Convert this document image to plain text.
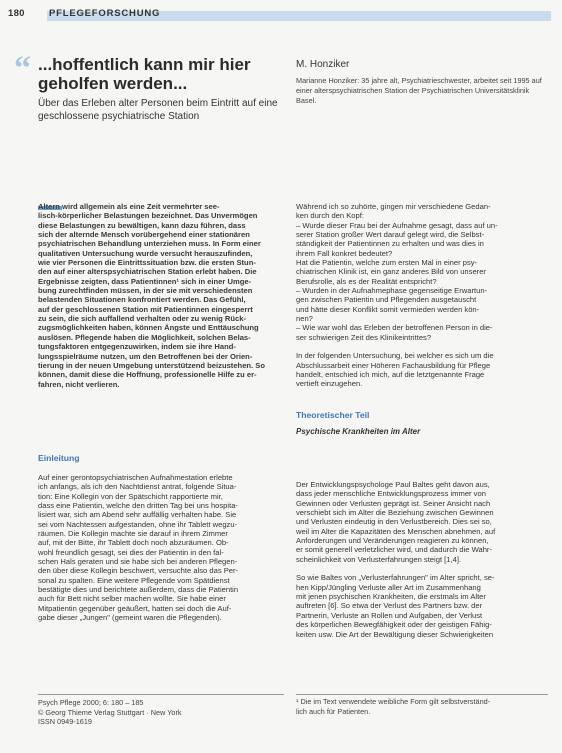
180	PFLEGEFORSCHUNG
“ ...hoffentlich kann mir hier geholfen werden...
Über das Erleben alter Personen beim Eintritt auf eine geschlossene psychiatrische Station
M. Honziker
Marianne Honziker: 35 jahre alt, Psychiatrieschwester, arbeitet seit 1995 auf einer alterspsychiatrischen Station der Psychiatrischen Universitätsklinik Basel.
Altern wird allgemein als eine Zeit vermehrter see-
lisch-körperlicher Belastungen bezeichnet. Das Unvermögen
diese Belastungen zu bewältigen, kann dazu führen, dass
sich der alternde Mensch vorübergehend einer stationären
psychiatrischen Behandlung unterziehen muss. In Form einer
qualitativen Untersuchung wurde versucht herauszufinden,
wie vier Personen die Eintrittssituation bzw. die ersten Stun-
den auf einer alterspsychiatrischen Station erlebt haben. Die
Ergebnisse zeigten, dass Patientinnen¹ sich in einer Umge-
bung zurechtfinden müssen, in der sie mit verschiedensten
belastenden Situationen konfrontiert werden. Das Gefühl,
auf der geschlossenen Station mit Patientinnen eingesperrt
zu sein, die sich auffallend verhalten oder zu wenig Rück-
zugsmöglichkeiten haben, können Ängste und Enttäuschung
auslösen. Pflegende haben die Möglichkeit, solchen Belas-
tungsfaktoren entgegenzuwirken, indem sie ihre Hand-
lungsspielräume nutzen, um den Betroffenen bei der Orien-
tierung in der neuen Umgebung unterstützend beizustehen. So
können, damit diese die Hoffnung, professionelle Hilfe zu er-
fahren, nicht verlieren.
Während ich so zuhörte, gingen mir verschiedene Gedan-
ken durch den Kopf:
– Wurde dieser Frau bei der Aufnahme gesagt, dass auf un-
serer Station großer Wert darauf gelegt wird, die Selbst-
ständigkeit der Patientinnen zu erhalten und was dies in
ihrem Fall konkret bedeutet?
Hat die Patientin, welche zum ersten Mal in einer psy-
chiatrischen Klinik ist, ein ganz anderes Bild von unserer
Berufsrolle, als es der Realität entspricht?
– Wurden in der Aufnahmephase gegenseitige Erwartun-
gen zwischen Patientin und Pflegenden ausgetauscht
und hätte dieser Konflikt somit vermieden werden kön-
nen?
– Wie war wohl das Erleben der betroffenen Person in die-
ser schwierigen Zeit des Klinikeintrittes?
In der folgenden Untersuchung, bei welcher es sich um die
Abschlussarbeit einer Höheren Fachausbildung für Pflege
handelt, entschied ich mich, auf die letztgenannte Frage
vertieft einzugehen.
Theoretischer Teil
Psychische Krankheiten im Alter
Einleitung
Auf einer gerontopsychiatrischen Aufnahmestation erlebte
ich anfangs, als ich den Nachtdienst antrat, folgende Situa-
tion: Eine Kollegin von der Spätschicht rapportierte mir,
dass eine Patientin, welche den dritten Tag bei uns hospita-
lisiert war, sich am Abend sehr auffällig verhalten habe. Sie
sei vom Nachtessen aufgestanden, ohne ihr Tablett wegzu-
räumen. Die Kollegin machte sie darauf in ihrem Zimmer
auf, mit der Bitte, ihr Tablett doch noch abzuräumen. Ob-
wohl freundlich gesagt, sei dies der Patientin in den fal-
schen Hals geraten und sie habe sich bei anderen Pflegen-
den über diese Kollegin beschwert, versuchte also das Per-
sonal zu spalten. Eine weitere Pflegende vom Spätdienst
bestätigte dies und berichtete außerdem, dass die Patientin
auch für Bett nicht selber machen wollte. Sie habe einer
Mitpatientin gegenüber geäußert, hatten sei doch die Auf-
gabe dieser „Jungen" (gemeint waren die Pflegenden).
Der Entwicklungspsychologe Paul Baltes geht davon aus,
dass jeder menschliche Entwicklungsprozess immer von
Gewinnen oder Verlusten geprägt ist. Seiner Ansicht nach
verschiebt sich im Alter die Beziehung zwischen Gewinnen
und Verlusten eindeutig in den Verlustbereich. Dies sei so,
weil im Alter die Kapazitäten des Menschen abnehmen, auf
Anforderungen und Veränderungen reagieren zu können,
er somit generell verletzlicher wird, und dadurch die Wahr-
scheinlichkeit von Verlusterfahrungen steigt [1,4].
So wie Baltes von „Verlusterfahrungen" im Alter spricht, se-
hen Kipp/Jüngling Verluste aller Art im Zusammenhang
mit jenen psychischen Krankheiten, die erstmals im Alter
auftreten [6]. So etwa der Verlust des Partners bzw. der
Partnerin, Verluste an Rollen und Aufgaben, der Verlust
des körperlichen Bewegfähigkeit oder der geistigen Fähig-
keiten usw. Die Art der Bewältigung dieser Schwierigkeiten
Psych Pflege 2000; 6: 180 – 185
© Georg Thieme Verlag Stuttgart · New York
ISSN 0949-1619
¹ Die im Text verwendete weibliche Form gilt selbstverständ-
lich auch für Patienten.
